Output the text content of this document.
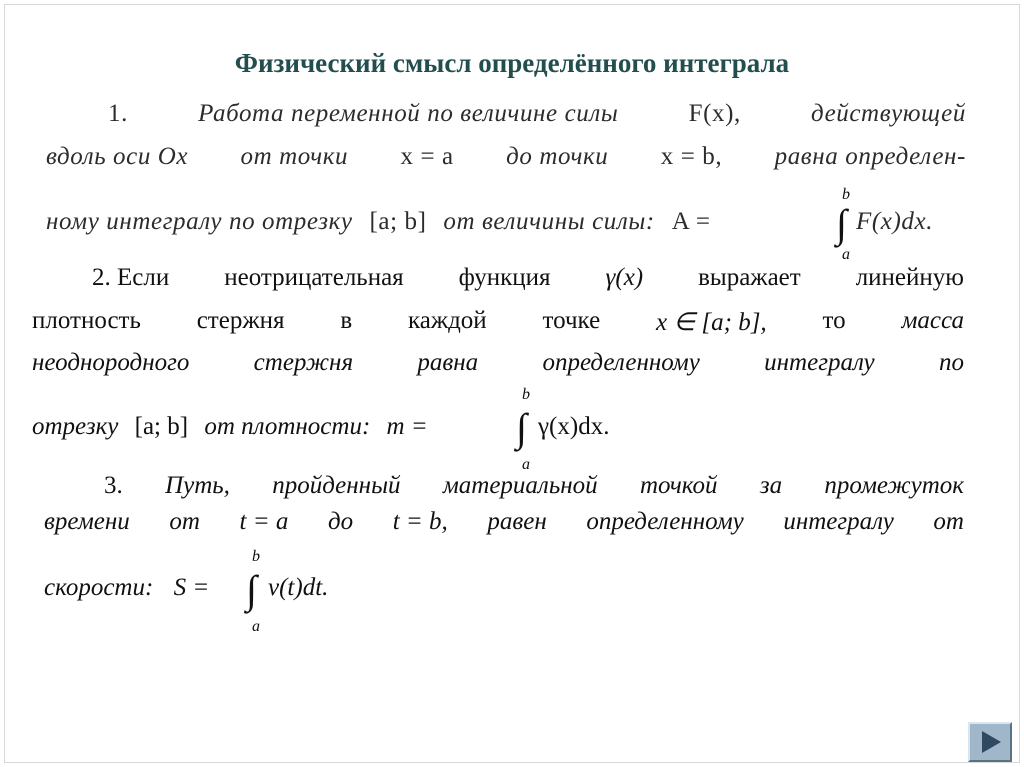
Физический смысл определённого интеграла
1.	Работа переменной по величине силы	F(x),	действующей
вдоль оси Ox от точки x = a до точки x = b, равна определен-
ному интегралу по отрезку [a; b] от величины силы: A =
b
∫
a
F(x)dx.
2. Если неотрицательная функция γ(x) выражает линейную
плотность стержня в каждой точке x ∈ [a; b], то масса
неоднородного	стержня	равна	определенному	интегралу	по
отрезку [a; b] от плотности: m =
b
∫
a
γ(x)dx.
3. Путь, пройденный материальной точкой за промежуток
времени от t = a до t = b, равен определенному интегралу от
скорости: S =
b
∫
a
v(t)dt.
